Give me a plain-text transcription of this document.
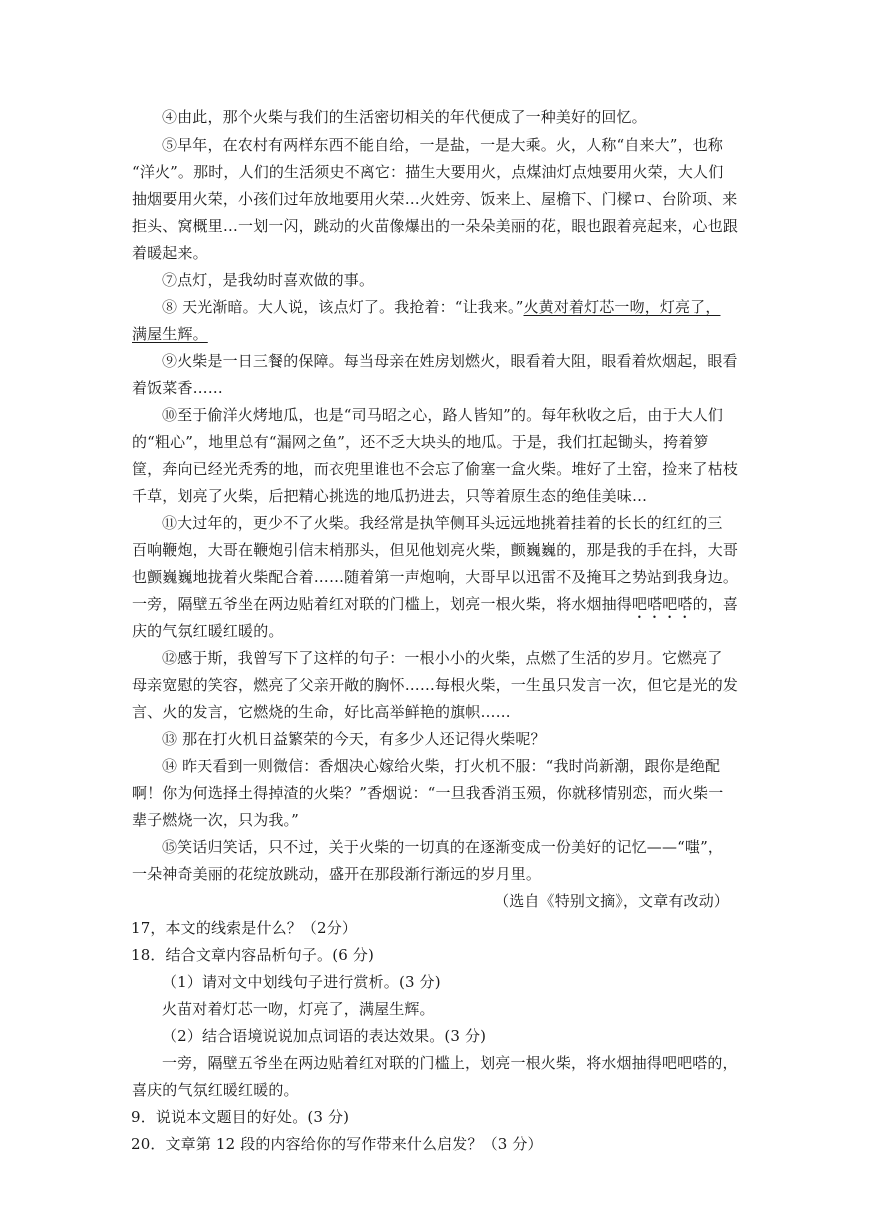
④由此，那个火柴与我们的生活密切相关的年代便成了一种美好的回忆。
⑤早年，在农村有两样东西不能自给，一是盐，一是大乘。火，人称“自来大”，也称
“洋火”。那时，人们的生活须史不离它：描生大要用火，点煤油灯点烛要用火荣，大人们
抽烟要用火荣，小孩们过年放地要用火荣…火姓旁、饭来上、屋檐下、门樑ロ、台阶项、来
拒头、窝概里…一划一闪，跳动的火苗像爆出的一朵朵美丽的花，眼也跟着亮起来，心也跟
着暖起来。
⑦点灯，是我幼时喜欢做的事。
⑧ 天光渐暗。大人说，该点灯了。我抢着：“让我来。”火黄对着灯芯一吻，灯亮了，
满屋生辉。
⑨火柴是一日三餐的保障。每当母亲在姓房划燃火，眼看着大阻，眼看着炊烟起，眼看
着饭菜香……
⑩至于偷洋火烤地瓜，也是“司马昭之心，路人皆知”的。每年秋收之后，由于大人们
的“粗心”，地里总有“漏网之鱼”，还不乏大块头的地瓜。于是，我们扛起锄头，挎着箩
筐，奔向已经光秃秀的地，而衣兜里谁也不会忘了偷塞一盒火柴。堆好了土窑，捡来了枯枝
千草，划亮了火柴，后把精心挑选的地瓜扔进去，只等着原生态的绝佳美味…
⑪大过年的，更少不了火柴。我经常是执竿侧耳头远远地挑着挂着的长长的红红的三
百响鞭炮，大哥在鞭炮引信末梢那头，但见他划亮火柴，颤巍巍的，那是我的手在抖，大哥
也颤巍巍地拢着火柴配合着……随着第一声炮响，大哥早以迅雷不及掩耳之势站到我身边。
一旁，隔壁五爷坐在两边贴着红对联的门槛上，划亮一根火柴，将水烟抽得吧嗒吧嗒的，喜
庆的气氛红暖红暖的。
⑫感于斯，我曾写下了这样的句子：一根小小的火柴，点燃了生活的岁月。它燃亮了
母亲宽慰的笑容，燃亮了父亲开敞的胸怀……每根火柴，一生虽只发言一次，但它是光的发
言、火的发言，它燃烧的生命，好比高举鲜艳的旗帜……
⑬ 那在打火机日益繁荣的今天，有多少人还记得火柴呢？
⑭ 昨天看到一则微信：香烟决心嫁给火柴，打火机不服：“我时尚新潮，跟你是绝配
啊！你为何选择土得掉渣的火柴？”香烟说：“一旦我香消玉殒，你就移情别恋，而火柴一
辈子燃烧一次，只为我。”
⑮笑话归笑话，只不过，关于火柴的一切真的在逐渐变成一份美好的记忆——“嗤”，
一朵神奇美丽的花绽放跳动，盛开在那段渐行渐远的岁月里。
（选自《特别文摘》，文章有改动）
17，本文的线索是什么？（2分）
18．结合文章内容品析句子。(6 分)
（1）请对文中划线句子进行赏析。(3 分)
火苗对着灯芯一吻，灯亮了，满屋生辉。
（2）结合语境说说加点词语的表达效果。(3 分)
一旁，隔壁五爷坐在两边贴着红对联的门槛上，划亮一根火柴，将水烟抽得吧吧嗒的，
喜庆的气氛红暖红暖的。
9．说说本文题目的好处。(3 分)
20．文章第 12 段的内容给你的写作带来什么启发？（3 分）
